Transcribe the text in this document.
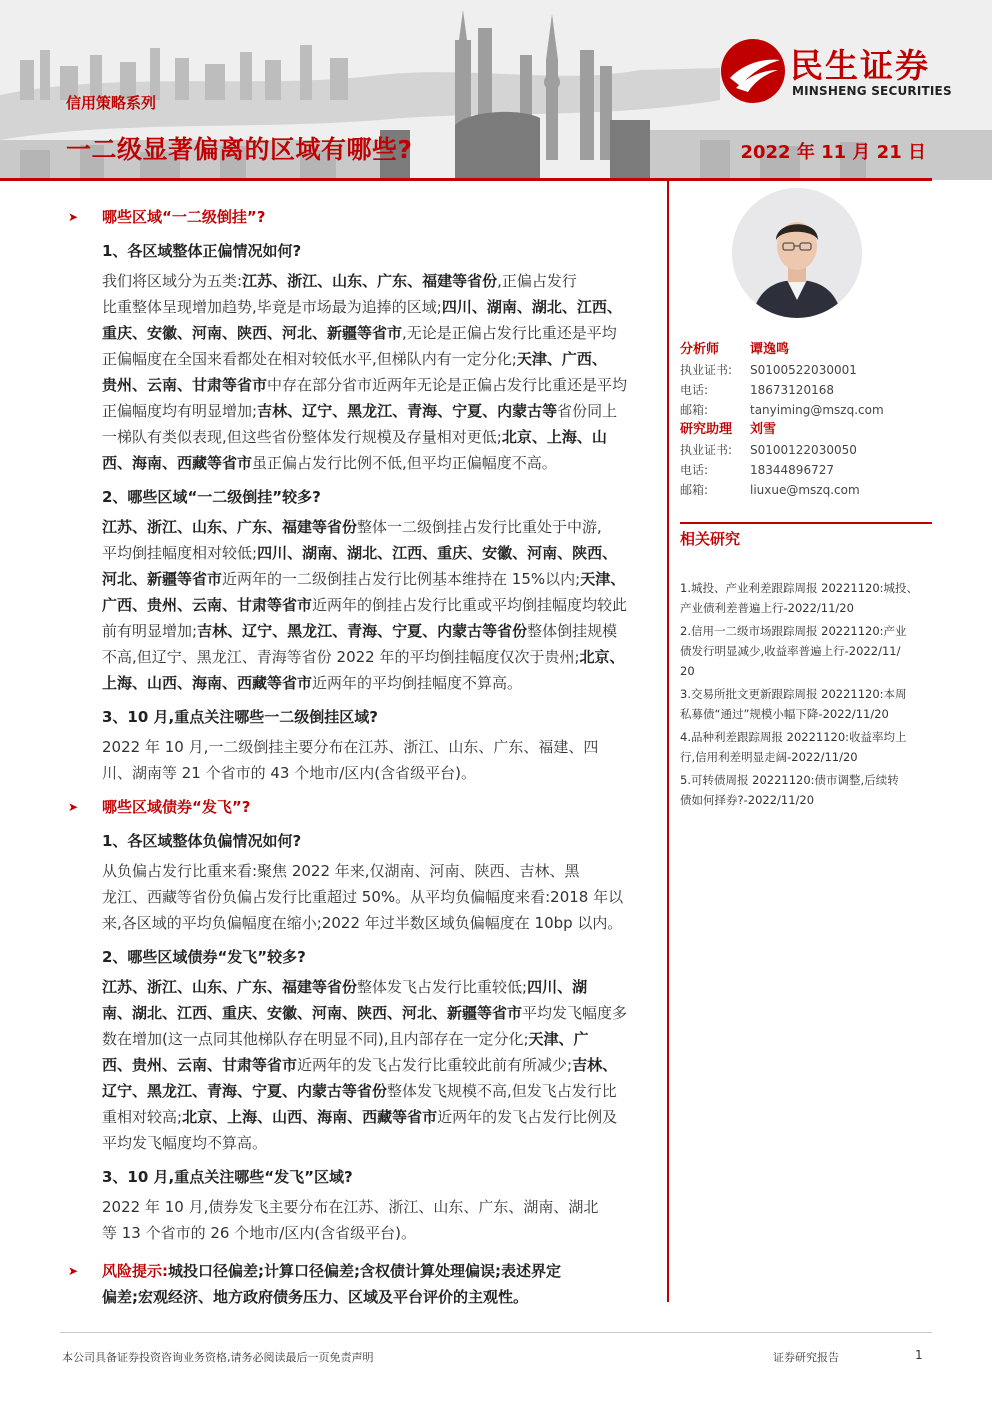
民生证券
MINSHENG SECURITIES
信用策略系列
一二级显著偏离的区域有哪些?	2022 年 11 月 21 日
➤ 哪些区域“一二级倒挂”?
1、各区域整体正偏情况如何?
我们将区域分为五类:江苏、浙江、山东、广东、福建等省份,正偏占发行
比重整体呈现增加趋势,毕竟是市场最为追捧的区域;四川、湖南、湖北、江西、
重庆、安徽、河南、陕西、河北、新疆等省市,无论是正偏占发行比重还是平均
正偏幅度在全国来看都处在相对较低水平,但梯队内有一定分化;天津、广西、
贵州、云南、甘肃等省市中存在部分省市近两年无论是正偏占发行比重还是平均
正偏幅度均有明显增加;吉林、辽宁、黑龙江、青海、宁夏、内蒙古等省份同上
一梯队有类似表现,但这些省份整体发行规模及存量相对更低;北京、上海、山
西、海南、西藏等省市虽正偏占发行比例不低,但平均正偏幅度不高。
2、哪些区域“一二级倒挂”较多?
江苏、浙江、山东、广东、福建等省份整体一二级倒挂占发行比重处于中游,
平均倒挂幅度相对较低;四川、湖南、湖北、江西、重庆、安徽、河南、陕西、
河北、新疆等省市近两年的一二级倒挂占发行比例基本维持在 15%以内;天津、
广西、贵州、云南、甘肃等省市近两年的倒挂占发行比重或平均倒挂幅度均较此
前有明显增加;吉林、辽宁、黑龙江、青海、宁夏、内蒙古等省份整体倒挂规模
不高,但辽宁、黑龙江、青海等省份 2022 年的平均倒挂幅度仅次于贵州;北京、
上海、山西、海南、西藏等省市近两年的平均倒挂幅度不算高。
3、10 月,重点关注哪些一二级倒挂区域?
2022 年 10 月,一二级倒挂主要分布在江苏、浙江、山东、广东、福建、四
川、湖南等 21 个省市的 43 个地市/区内(含省级平台)。
➤ 哪些区域债券“发飞”?
1、各区域整体负偏情况如何?
从负偏占发行比重来看:聚焦 2022 年来,仅湖南、河南、陕西、吉林、黑
龙江、西藏等省份负偏占发行比重超过 50%。从平均负偏幅度来看:2018 年以
来,各区域的平均负偏幅度在缩小;2022 年过半数区域负偏幅度在 10bp 以内。
2、哪些区域债券“发飞”较多?
江苏、浙江、山东、广东、福建等省份整体发飞占发行比重较低;四川、湖
南、湖北、江西、重庆、安徽、河南、陕西、河北、新疆等省市平均发飞幅度多
数在增加(这一点同其他梯队存在明显不同),且内部存在一定分化;天津、广
西、贵州、云南、甘肃等省市近两年的发飞占发行比重较此前有所减少;吉林、
辽宁、黑龙江、青海、宁夏、内蒙古等省份整体发飞规模不高,但发飞占发行比
重相对较高;北京、上海、山西、海南、西藏等省市近两年的发飞占发行比例及
平均发飞幅度均不算高。
3、10 月,重点关注哪些“发飞”区域?
2022 年 10 月,债券发飞主要分布在江苏、浙江、山东、广东、湖南、湖北
等 13 个省市的 26 个地市/区内(含省级平台)。
➤ 风险提示:城投口径偏差;计算口径偏差;含权债计算处理偏误;表述界定
偏差;宏观经济、地方政府债务压力、区域及平台评价的主观性。
分析师 谭逸鸣
执业证书: S0100522030001
电话:	18673120168
邮箱:	tanyiming@mszq.com
研究助理 刘雪
执业证书: S0100122030050
电话:	18344896727
邮箱:	liuxue@mszq.com
相关研究
1.城投、产业利差跟踪周报 20221120:城投、
产业债利差普遍上行-2022/11/20
2.信用一二级市场跟踪周报 20221120:产业
债发行明显减少,收益率普遍上行-2022/11/
20
3.交易所批文更新跟踪周报 20221120:本周
私募债“通过”规模小幅下降-2022/11/20
4.品种利差跟踪周报 20221120:收益率均上
行,信用利差明显走阔-2022/11/20
5.可转债周报 20221120:债市调整,后续转
债如何择券?-2022/11/20
本公司具备证券投资咨询业务资格,请务必阅读最后一页免责声明	证券研究报告	1
